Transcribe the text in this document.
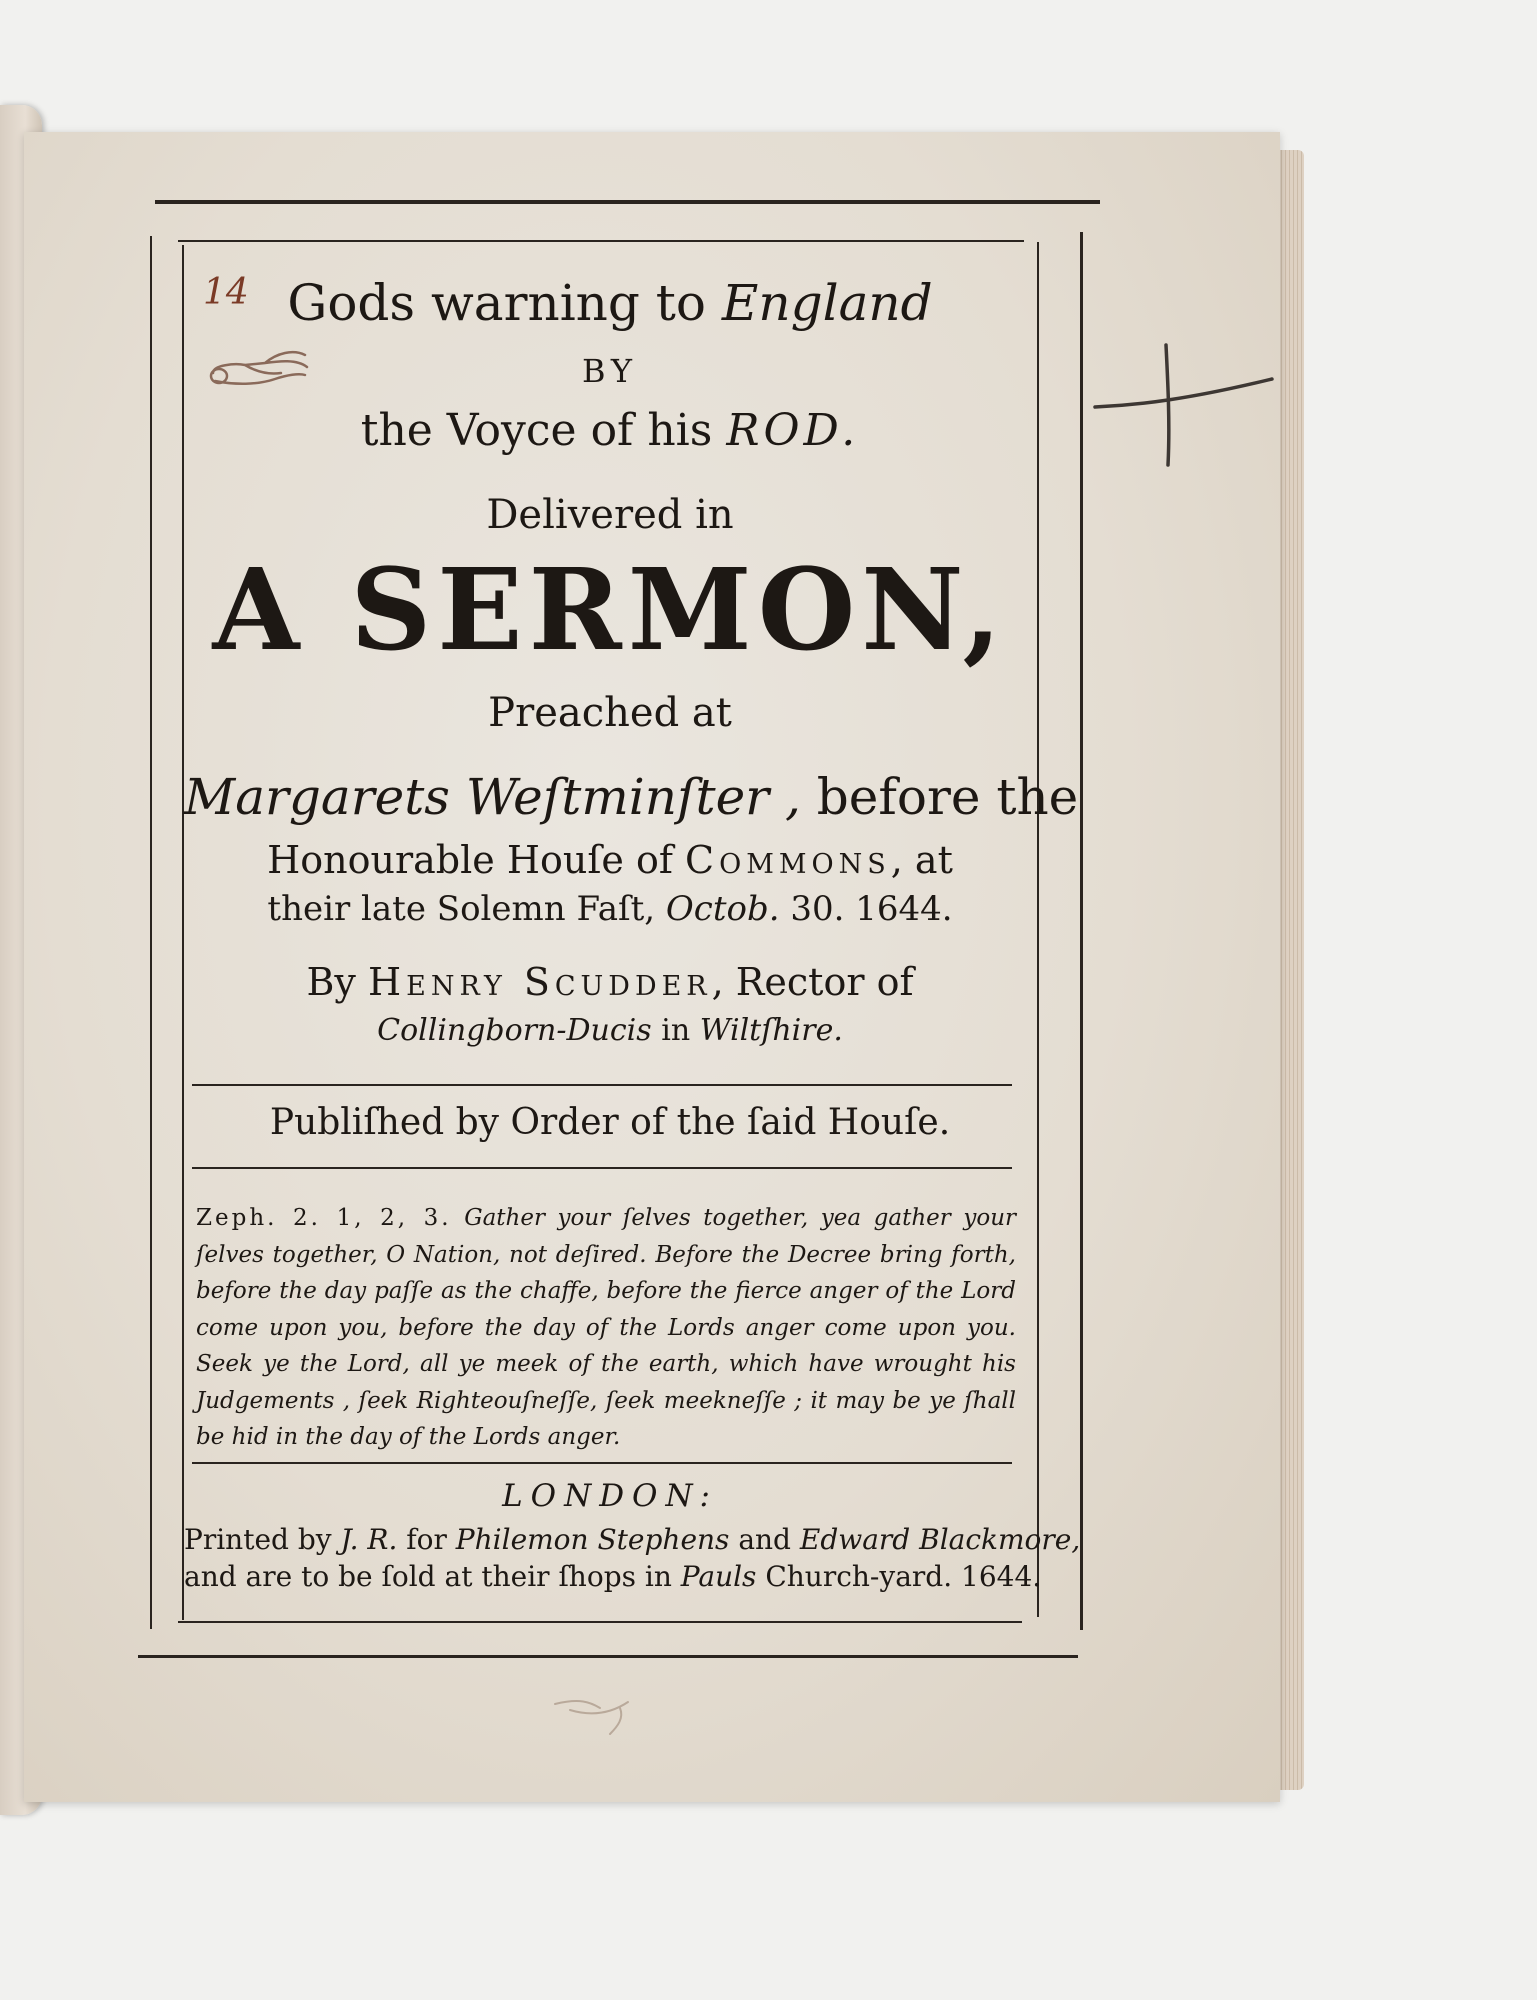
14 Gods warning to England
BY
the Voyce of his ROD.
Delivered in
A SERMON,
Preached at
Margarets Weſtminſter , before the
Honourable Houſe of Commons, at
their late Solemn Faſt, Octob. 30. 1644.
By Henry Scudder, Rector of
Collingborn-Ducis in Wiltſhire.
Publiſhed by Order of the ſaid Houſe.
Zeph. 2. 1, 2, 3. Gather your ſelves together, yea gather your ſelves together, O Nation, not deſired. Before the Decree bring forth, before the day paſſe as the chaffe, before the fierce anger of the Lord come upon you, before the day of the Lords anger come upon you. Seek ye the Lord, all ye meek of the earth, which have wrought his Judgements , ſeek Righteouſneſſe, ſeek meekneſſe ; it may be ye ſhall be hid in the day of the Lords anger.
LONDON:
Printed by J. R. for Philemon Stephens and Edward Blackmore,
and are to be ſold at their ſhops in Pauls Church-yard. 1644.
